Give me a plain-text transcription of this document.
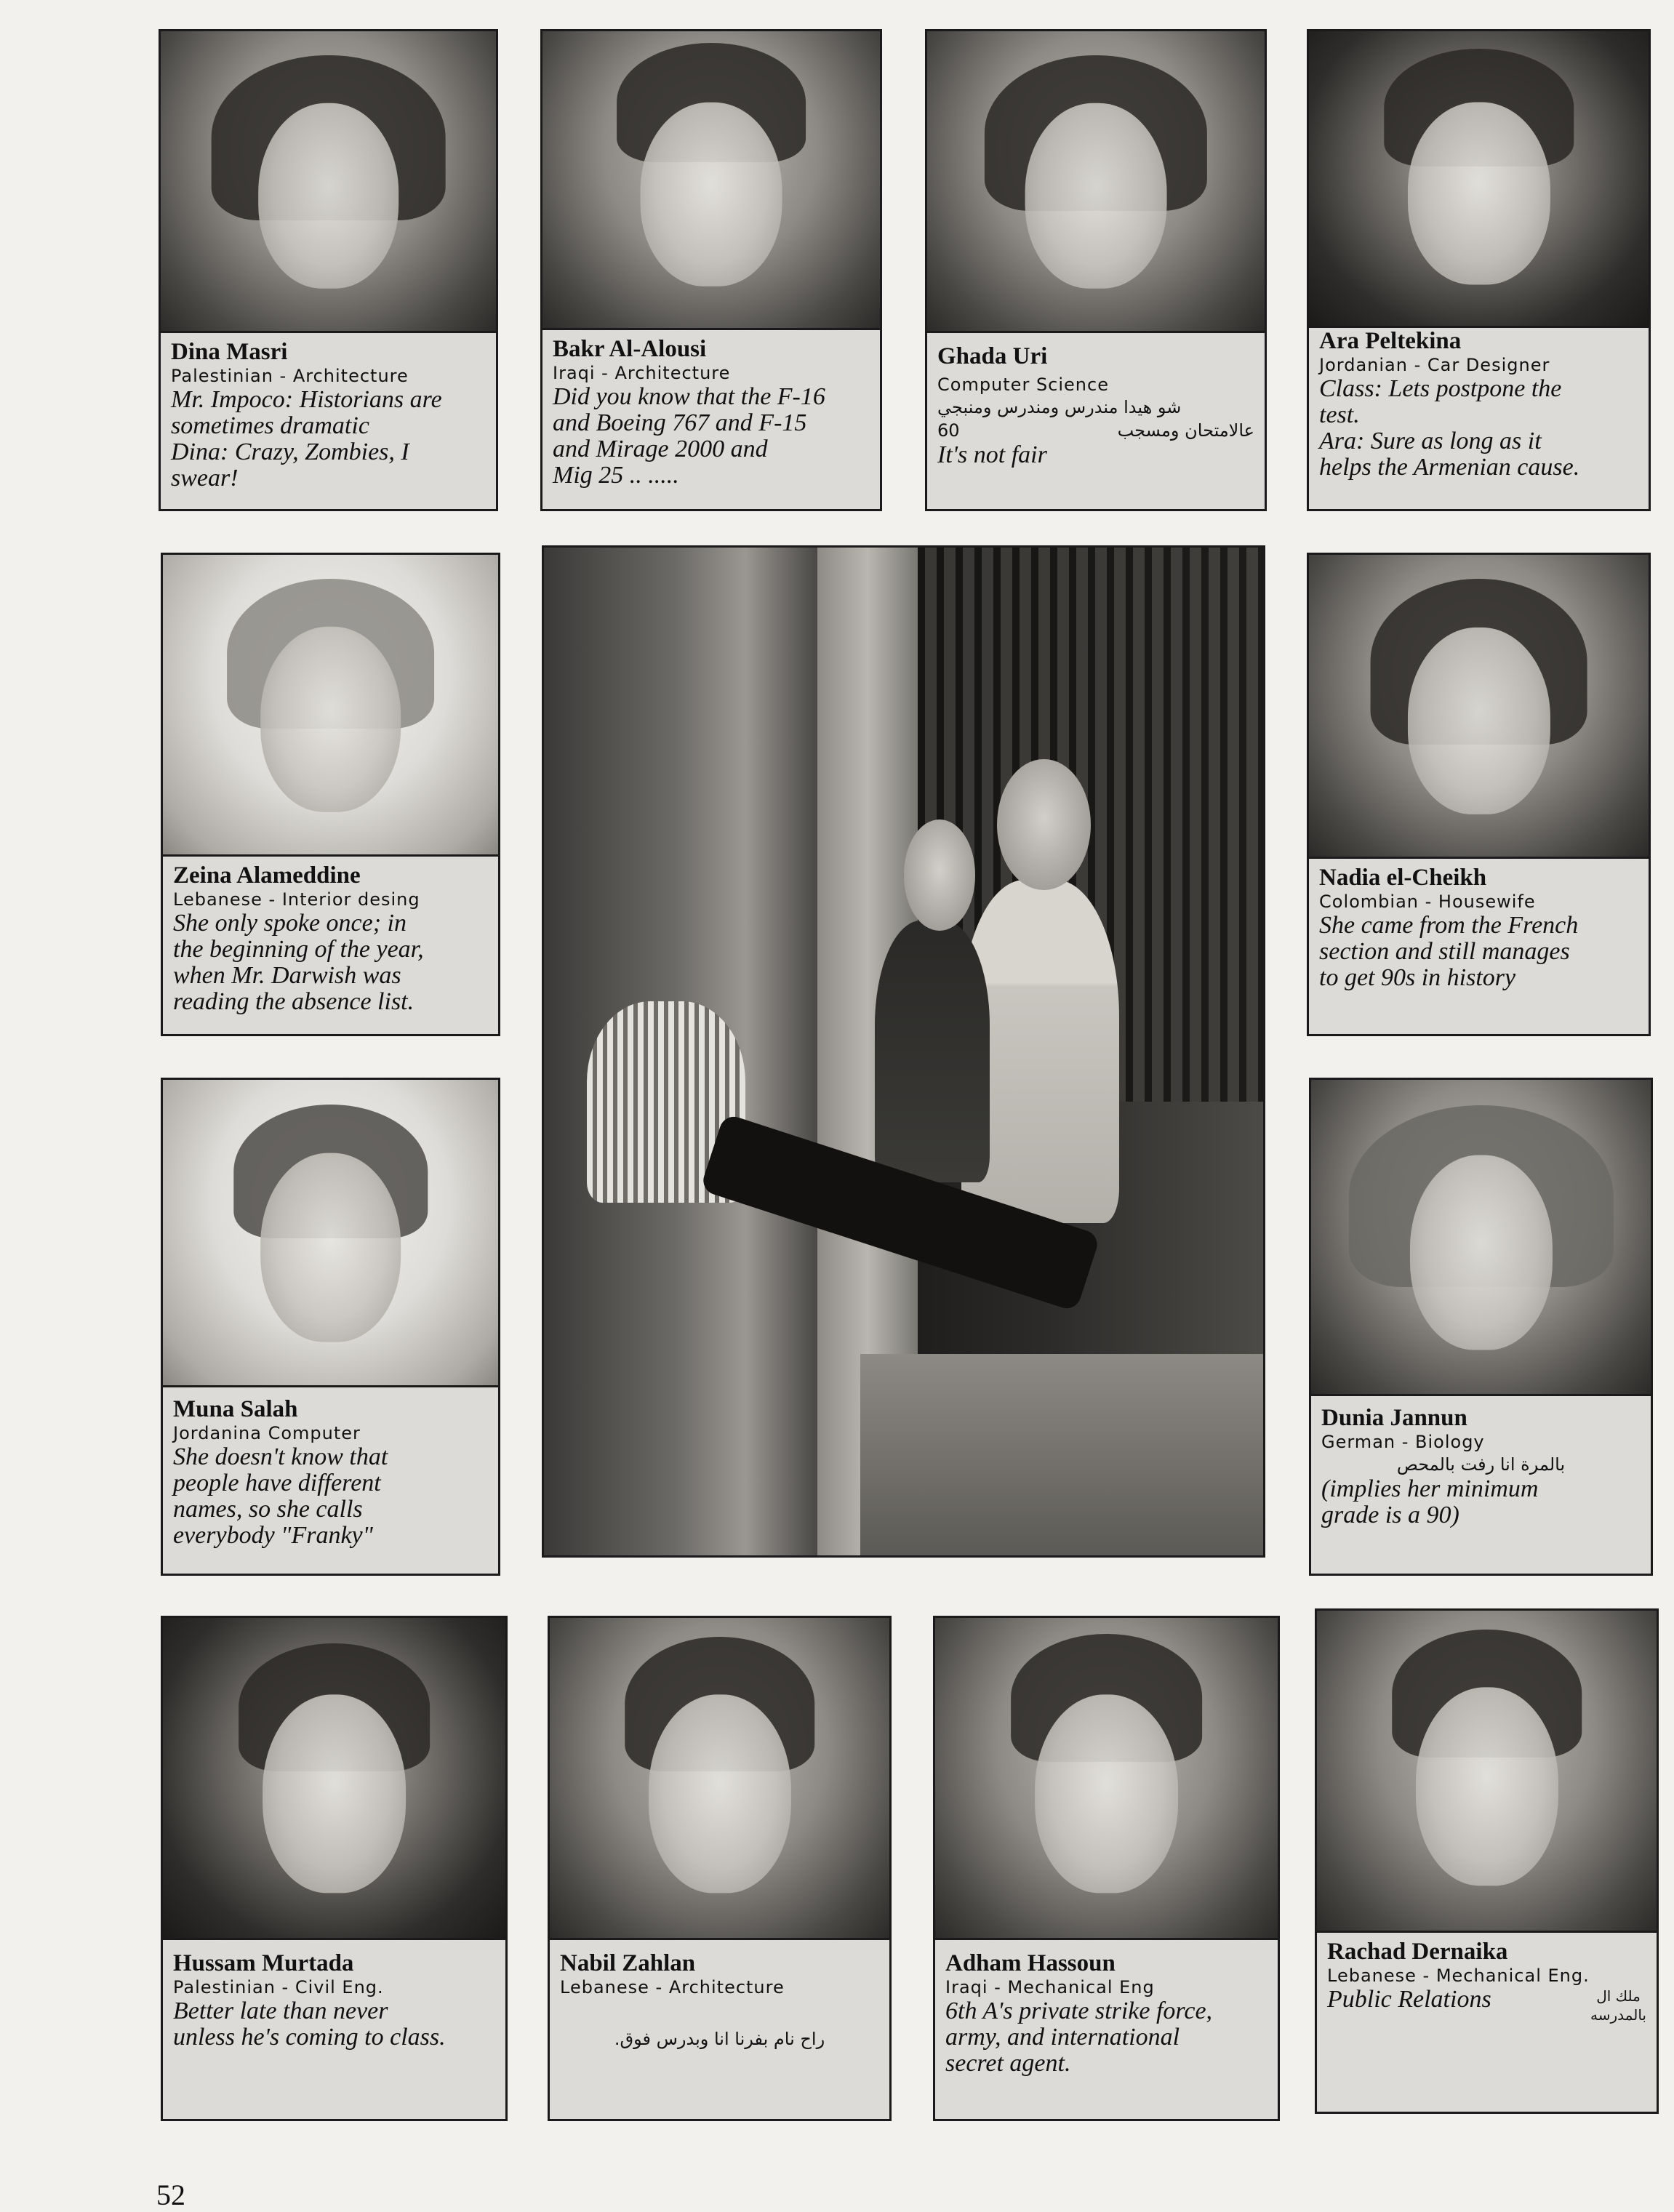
Dina Masri
Palestinian - Architecture
Mr. Impoco: Historians are
sometimes dramatic
Dina: Crazy, Zombies, I
swear!
Bakr Al-Alousi
Iraqi - Architecture
Did you know that the F-16
and Boeing 767 and F-15
and Mirage 2000 and
Mig 25 .. .....
Ghada Uri
Computer Science
شو هيدا مندرس ومندرس ومنبجي
60	عالامتحان ومسجب
It's not fair
Ara Peltekina
Jordanian - Car Designer
Class: Lets postpone the
test.
Ara: Sure as long as it
helps the Armenian cause.
Zeina Alameddine
Lebanese - Interior desing
She only spoke once; in
the beginning of the year,
when Mr. Darwish was
reading the absence list.
Nadia el-Cheikh
Colombian - Housewife
She came from the French
section and still manages
to get 90s in history
Muna Salah
Jordanina Computer
She doesn't know that
people have different
names, so she calls
everybody "Franky"
Dunia Jannun
German - Biology
بالمرة انا رفت بالمحص
(implies her minimum
grade is a 90)
Hussam Murtada
Palestinian - Civil Eng.
Better late than never
unless he's coming to class.
Nabil Zahlan
Lebanese - Architecture
راح نام بفرنا انا وبدرس فوق.
Adham Hassoun
Iraqi - Mechanical Eng
6th A's private strike force,
army, and international
secret agent.
Rachad Dernaika
Lebanese - Mechanical Eng.
Public Relations	ملك ال
بالمدرسه
52
